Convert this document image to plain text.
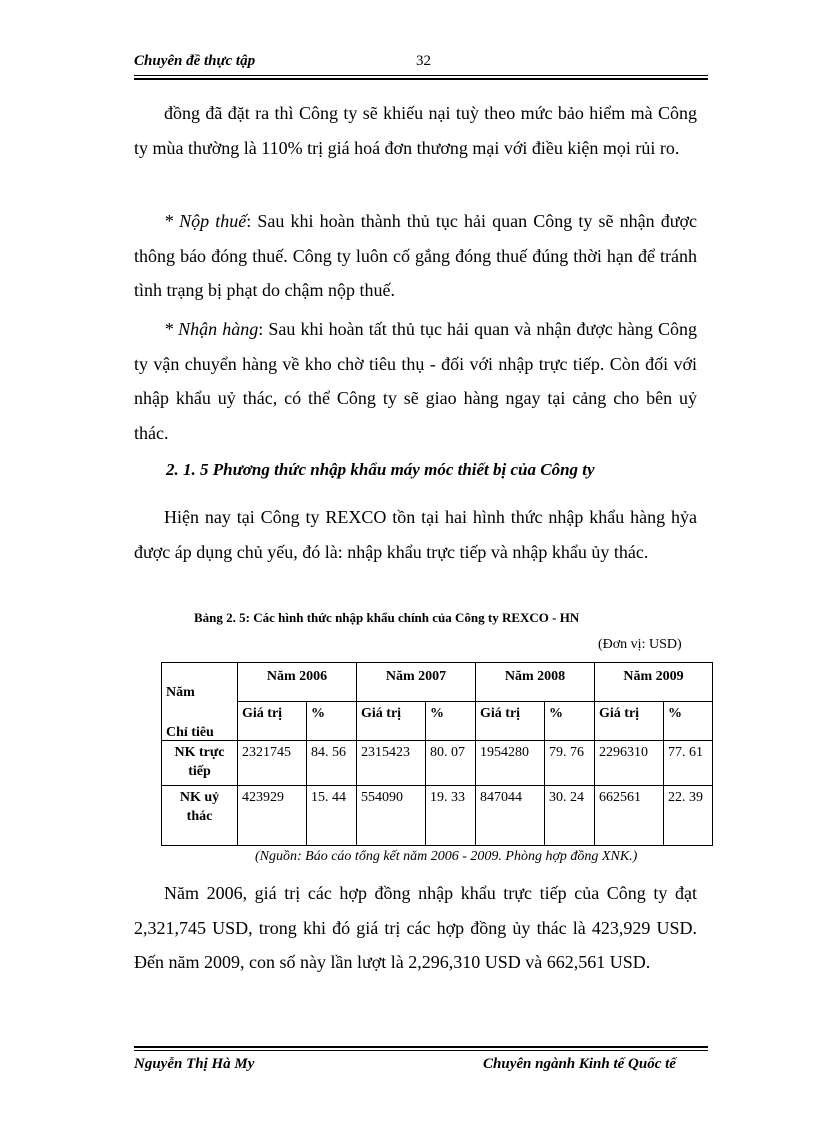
Chuyên đề thực tập	32

đồng đã đặt ra thì Công ty sẽ khiếu nại tuỳ theo mức bảo hiểm mà Công ty mùa thường là 110% trị giá hoá đơn thương mại với điều kiện mọi rủi ro.

* Nộp thuế: Sau khi hoàn thành thủ tục hải quan Công ty sẽ nhận được thông báo đóng thuế. Công ty luôn cố gắng đóng thuế đúng thời hạn để tránh tình trạng bị phạt do chậm nộp thuế.

* Nhận hàng: Sau khi hoàn tất thủ tục hải quan và nhận được hàng Công ty vận chuyển hàng về kho chờ tiêu thụ - đối với nhập trực tiếp. Còn đối với nhập khẩu uỷ thác, có thể Công ty sẽ giao hàng ngay tại cảng cho bên uỷ thác.

2. 1. 5 Phương thức nhập khẩu máy móc thiết bị của Công ty

Hiện nay tại Công ty REXCO tồn tại hai hình thức nhập khẩu hàng hỷa được áp dụng chủ yếu, đó là: nhập khẩu trực tiếp và nhập khẩu ủy thác.

Bảng 2. 5: Các hình thức nhập khẩu chính của Công ty REXCO - HN
(Đơn vị: USD)
Năm
Chỉ tiêu	Năm 2006		Năm 2007		Năm 2008		Năm 2009	
	Giá trị	%	Giá trị	%	Giá trị	%	Giá trị	%
NK trực tiếp	2321745	84. 56	2315423	80. 07	1954280	79. 76	2296310	77. 61
NK uỷ thác	423929	15. 44	554090	19. 33	847044	30. 24	662561	22. 39
(Nguồn: Báo cáo tổng kết năm 2006 - 2009. Phòng hợp đồng XNK.)

Năm 2006, giá trị các hợp đồng nhập khẩu trực tiếp của Công ty đạt 2,321,745 USD, trong khi đó giá trị các hợp đồng ủy thác là 423,929 USD. Đến năm 2009, con số này lần lượt là 2,296,310 USD và 662,561 USD.

Nguyễn Thị Hà My	Chuyên ngành Kinh tế Quốc tế
